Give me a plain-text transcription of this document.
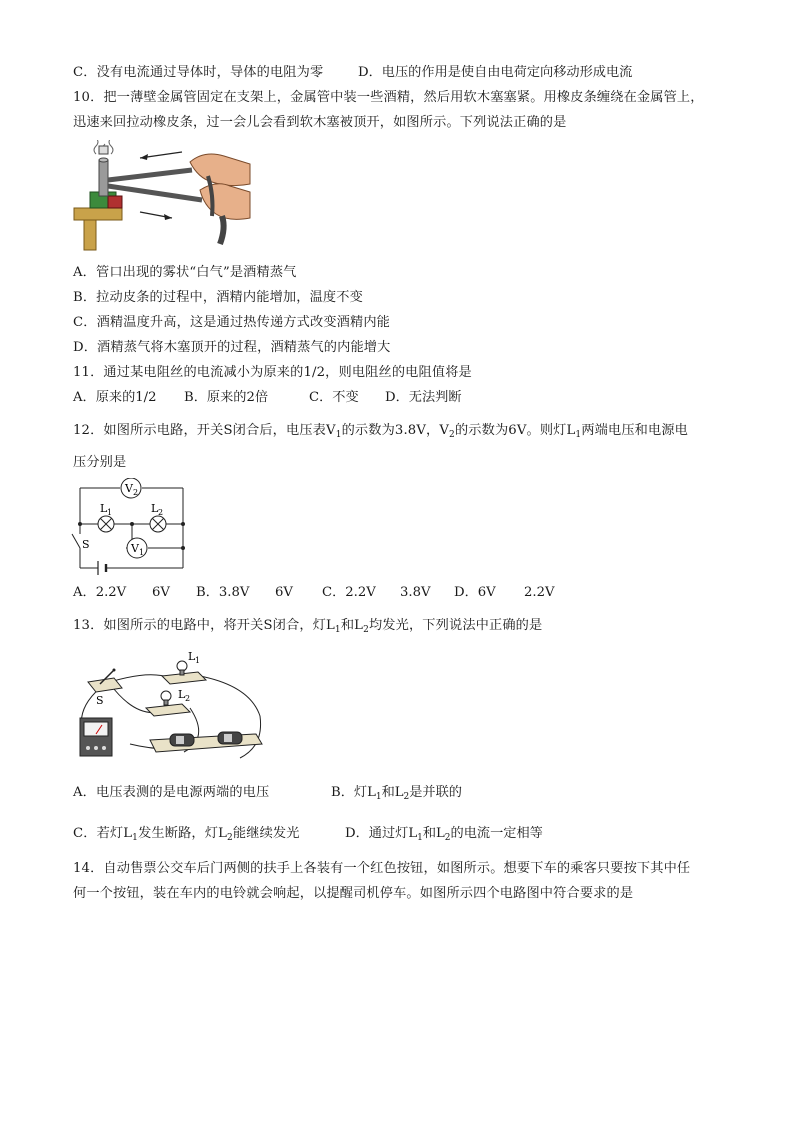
C．没有电流通过导体时，导体的电阻为零	D．电压的作用是使自由电荷定向移动形成电流
10．把一薄壁金属管固定在支架上，金属管中装一些酒精，然后用软木塞塞紧。用橡皮条缠绕在金属管上，
迅速来回拉动橡皮条，过一会儿会看到软木塞被顶开，如图所示。下列说法正确的是
A．管口出现的雾状“白气”是酒精蒸气
B．拉动皮条的过程中，酒精内能增加，温度不变
C．酒精温度升高，这是通过热传递方式改变酒精内能
D．酒精蒸气将木塞顶开的过程，酒精蒸气的内能增大
11．通过某电阻丝的电流减小为原来的1/2，则电阻丝的电阻值将是
A．原来的1/2 B．原来的2倍	C．不变 D．无法判断
12．如图所示电路，开关S闭合后，电压表$V_1$的示数为3.8V，$V_2$的示数为6V。则灯$L_1$两端电压和电源电
压分别是
V 2
V 1
L 1	L 2
S
A．2.2V 6V B．3.8V 6V C．2.2V 3.8V D．6V 2.2V
13．如图所示的电路中，将开关S闭合，灯$L_1$和$L_2$均发光，下列说法中正确的是
S
L 1
L 2
A．电压表测的是电源两端的电压	B．灯$L_1$和$L_2$是并联的
C．若灯$L_1$发生断路，灯$L_2$能继续发光	D．通过灯$L_1$和$L_2$的电流一定相等
14．自动售票公交车后门两侧的扶手上各装有一个红色按钮，如图所示。想要下车的乘客只要按下其中任
何一个按钮，装在车内的电铃就会响起，以提醒司机停车。如图所示四个电路图中符合要求的是
